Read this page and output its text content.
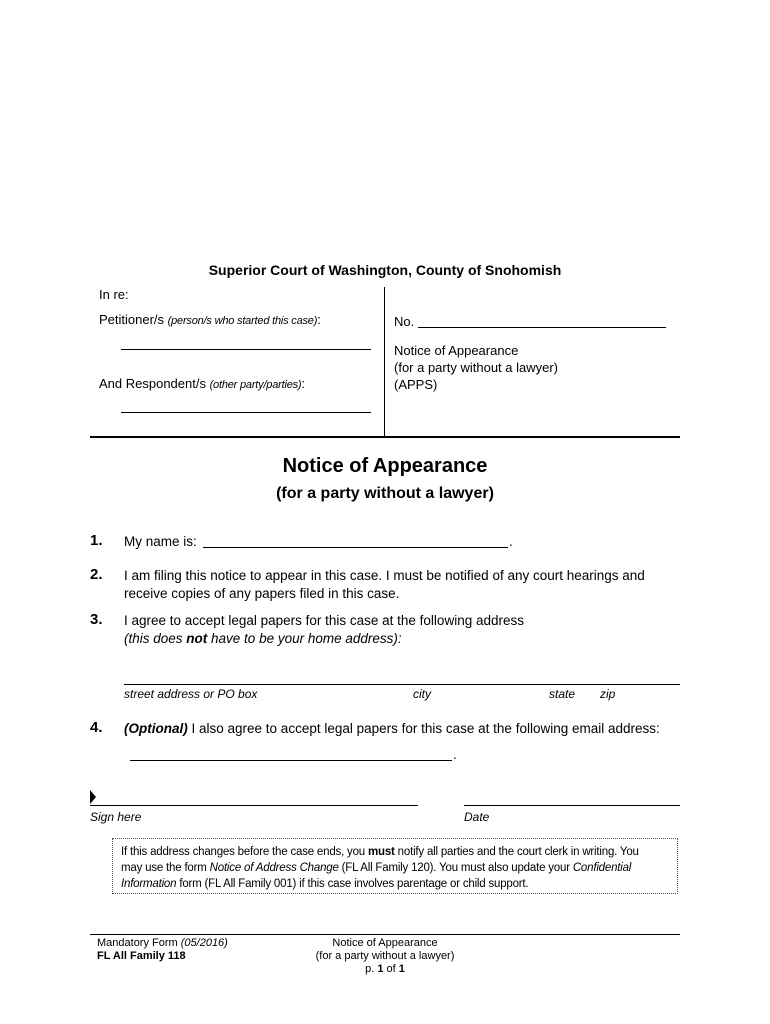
Superior Court of Washington, County of Snohomish
In re:
Petitioner/s (person/s who started this case):
And Respondent/s (other party/parties):
No.
Notice of Appearance
(for a party without a lawyer)
(APPS)
Notice of Appearance
(for a party without a lawyer)
1. My name is:	.
2. I am filing this notice to appear in this case. I must be notified of any court hearings and
receive copies of any papers filed in this case.
3. I agree to accept legal papers for this case at the following address
(this does not have to be your home address):
street address or PO box	city	state zip
4. (Optional) I also agree to accept legal papers for this case at the following email address:
.
Sign here	Date
If this address changes before the case ends, you must notify all parties and the court clerk in writing. You
may use the form Notice of Address Change (FL All Family 120). You must also update your Confidential
Information form (FL All Family 001) if this case involves parentage or child support.
Mandatory Form (05/2016)
FL All Family 118
Notice of Appearance
(for a party without a lawyer)
p. 1 of 1
